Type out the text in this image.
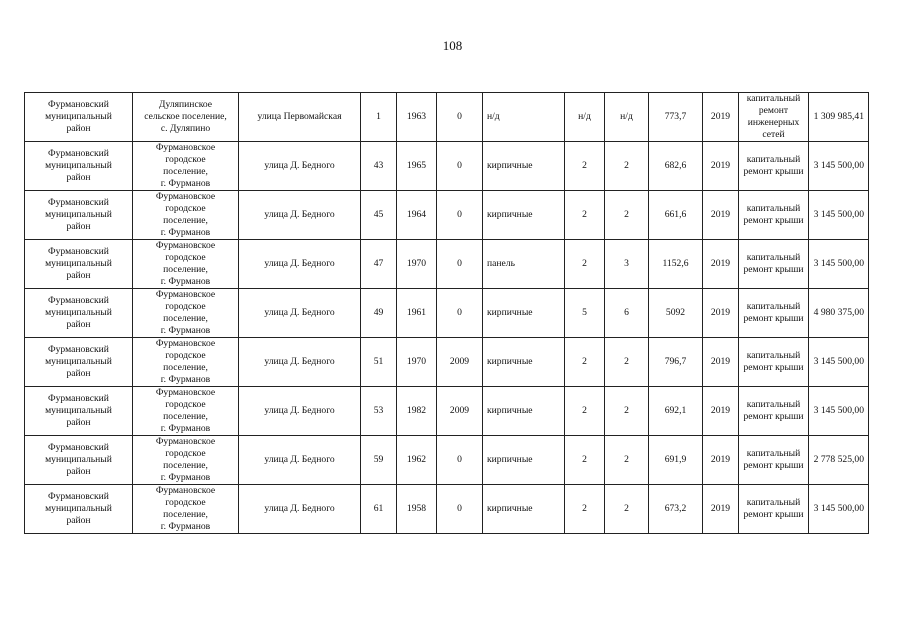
108
Фурмановский
муниципальный
район	Дуляпинское
сельское поселение,
с. Дуляпино	улица Первомайская	1	1963	0	н/д	н/д	н/д	773,7	2019	капитальный
ремонт
инженерных
сетей	1 309 985,41

Фурмановский
муниципальный
район	Фурмановское
городское
поселение,
г. Фурманов	улица Д. Бедного	43	1965	0	кирпичные	2	2	682,6	2019	капитальный
ремонт крыши	3 145 500,00

Фурмановский
муниципальный
район	Фурмановское
городское
поселение,
г. Фурманов	улица Д. Бедного	45	1964	0	кирпичные	2	2	661,6	2019	капитальный
ремонт крыши	3 145 500,00

Фурмановский
муниципальный
район	Фурмановское
городское
поселение,
г. Фурманов	улица Д. Бедного	47	1970	0	панель	2	3	1152,6	2019	капитальный
ремонт крыши	3 145 500,00

Фурмановский
муниципальный
район	Фурмановское
городское
поселение,
г. Фурманов	улица Д. Бедного	49	1961	0	кирпичные	5	6	5092	2019	капитальный
ремонт крыши	4 980 375,00

Фурмановский
муниципальный
район	Фурмановское
городское
поселение,
г. Фурманов	улица Д. Бедного	51	1970	2009	кирпичные	2	2	796,7	2019	капитальный
ремонт крыши	3 145 500,00

Фурмановский
муниципальный
район	Фурмановское
городское
поселение,
г. Фурманов	улица Д. Бедного	53	1982	2009	кирпичные	2	2	692,1	2019	капитальный
ремонт крыши	3 145 500,00

Фурмановский
муниципальный
район	Фурмановское
городское
поселение,
г. Фурманов	улица Д. Бедного	59	1962	0	кирпичные	2	2	691,9	2019	капитальный
ремонт крыши	2 778 525,00

Фурмановский
муниципальный
район	Фурмановское
городское
поселение,
г. Фурманов	улица Д. Бедного	61	1958	0	кирпичные	2	2	673,2	2019	капитальный
ремонт крыши	3 145 500,00
